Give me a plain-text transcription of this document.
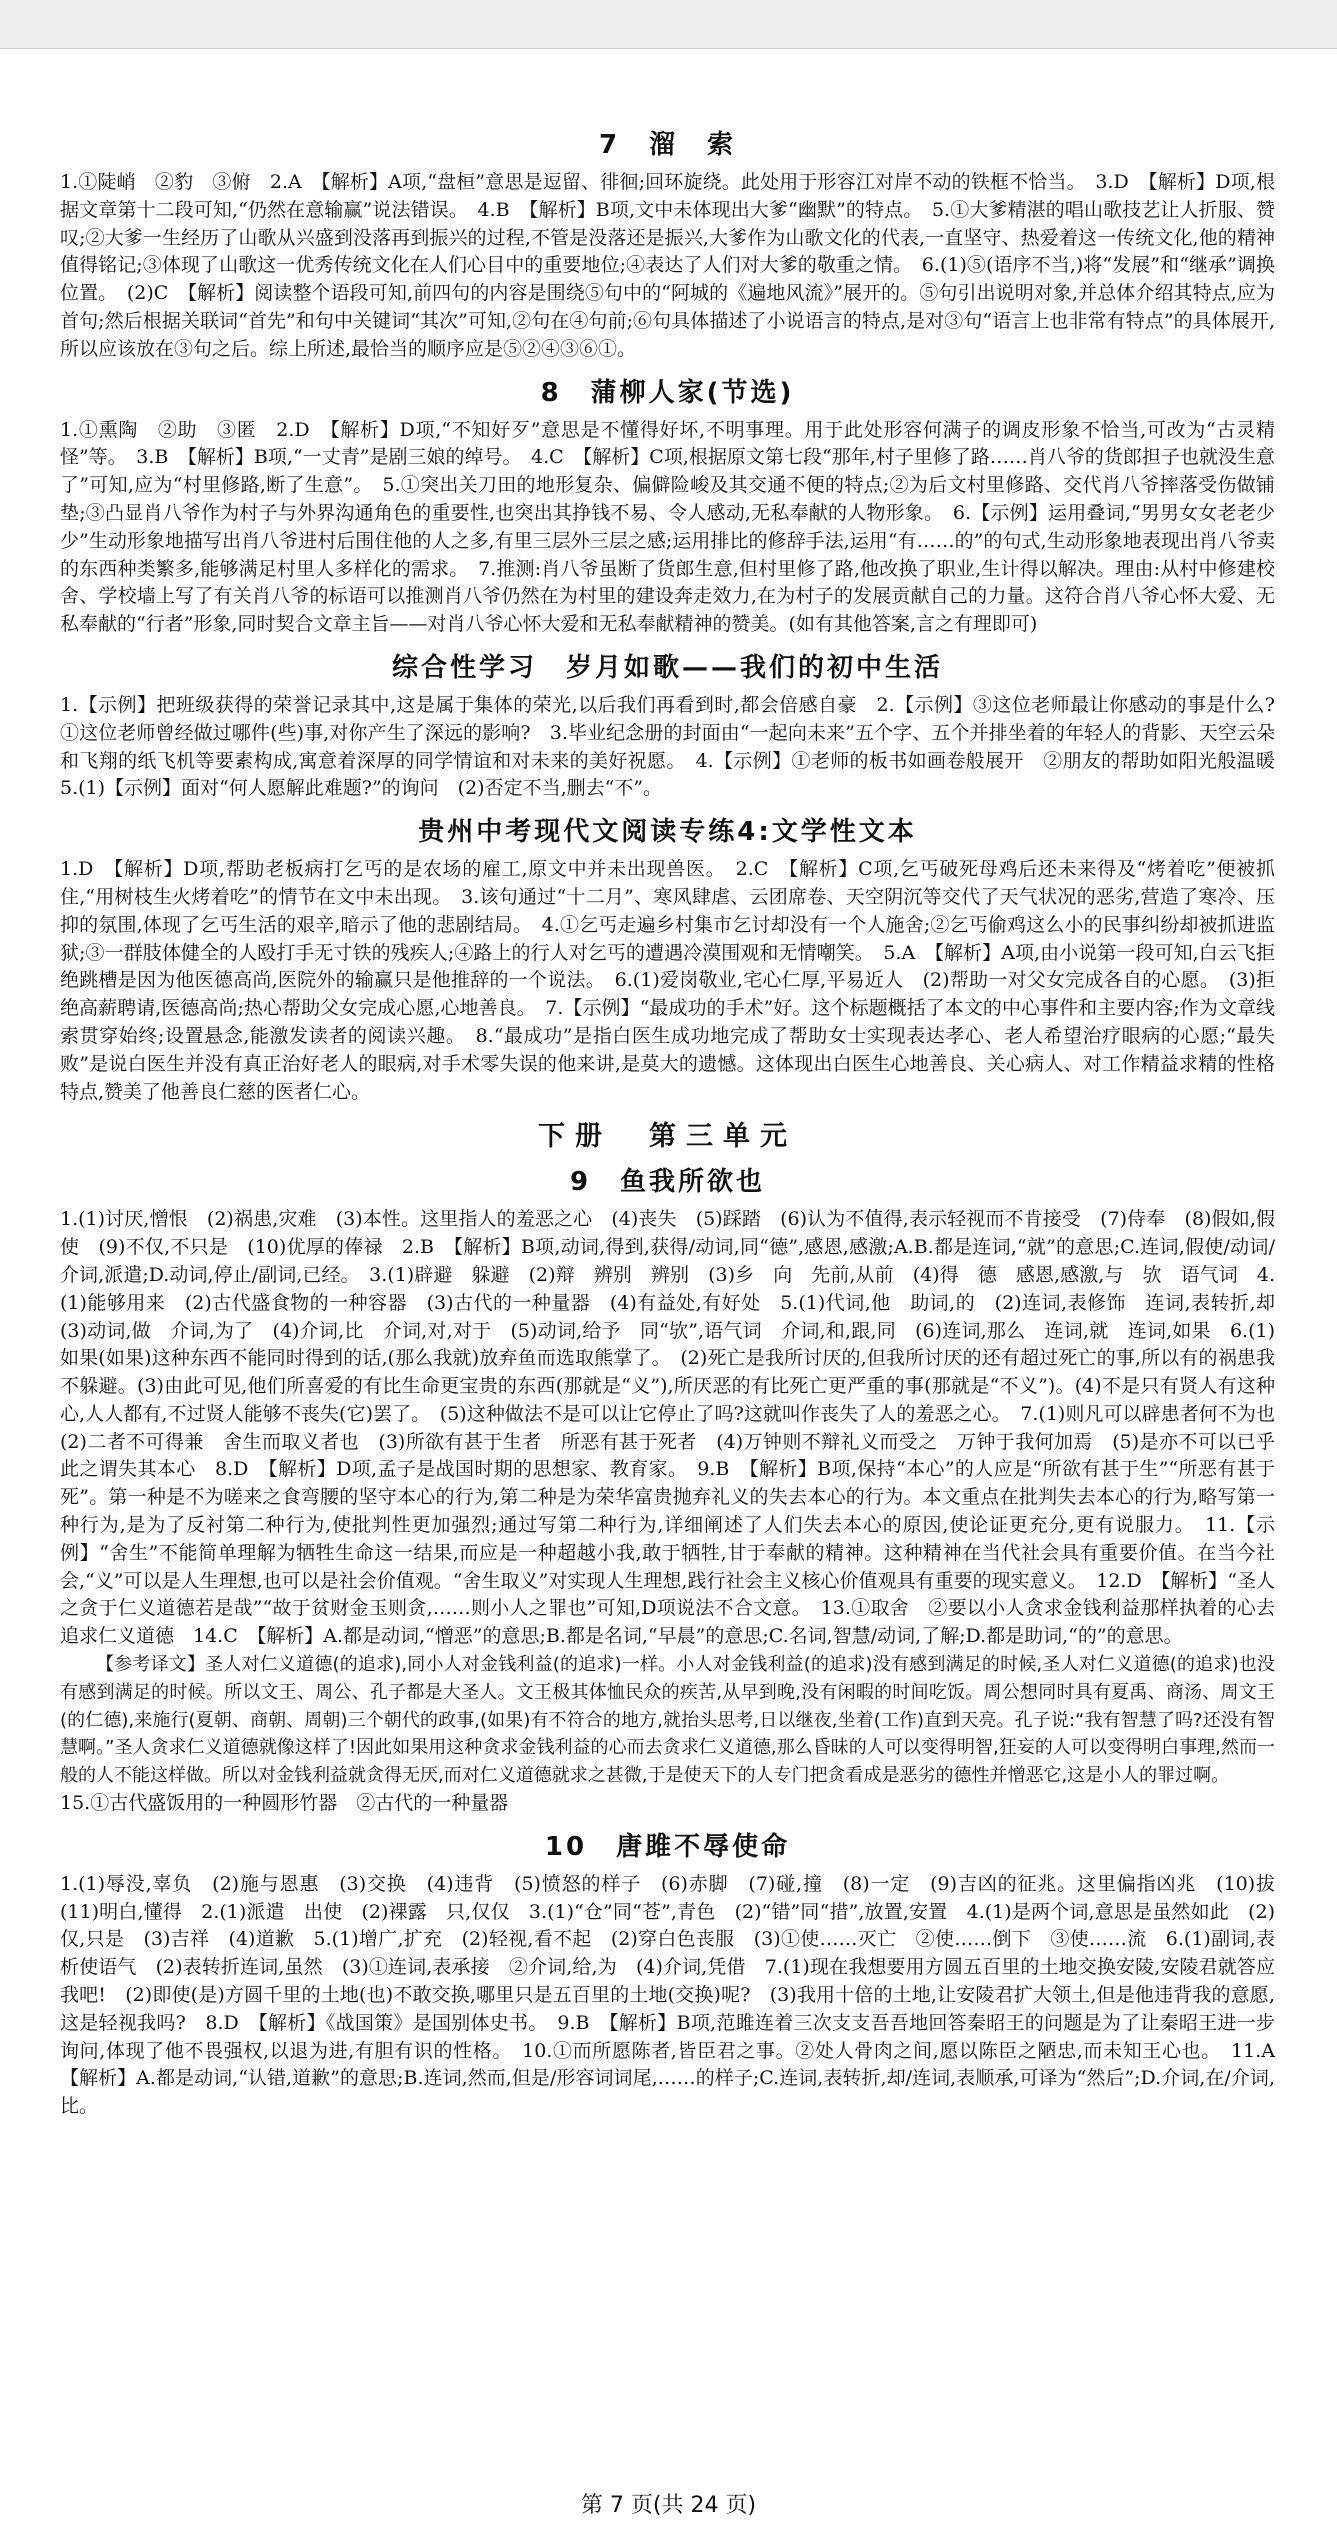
7　溜　索

1.①陡峭　②豹　③俯　2.A　【解析】A项,“盘桓”意思是逗留、徘徊;回环旋绕。此处用于形容江对岸不动的铁框不恰当。　3.D　【解析】D项,根据文章第十二段可知,“仍然在意输赢”说法错误。　4.B　【解析】B项,文中未体现出大爹“幽默”的特点。　5.①大爹精湛的唱山歌技艺让人折服、赞叹;②大爹一生经历了山歌从兴盛到没落再到振兴的过程,不管是没落还是振兴,大爹作为山歌文化的代表,一直坚守、热爱着这一传统文化,他的精神值得铭记;③体现了山歌这一优秀传统文化在人们心目中的重要地位;④表达了人们对大爹的敬重之情。　6.(1)⑤(语序不当,)将“发展”和“继承”调换位置。　(2)C　【解析】阅读整个语段可知,前四句的内容是围绕⑤句中的“阿城的《遍地风流》”展开的。⑤句引出说明对象,并总体介绍其特点,应为首句;然后根据关联词“首先”和句中关键词“其次”可知,②句在④句前;⑥句具体描述了小说语言的特点,是对③句“语言上也非常有特点”的具体展开,所以应该放在③句之后。综上所述,最恰当的顺序应是⑤②④③⑥①。

8　蒲柳人家(节选)

1.①熏陶　②助　③匿　2.D　【解析】D项,“不知好歹”意思是不懂得好坏,不明事理。用于此处形容何满子的调皮形象不恰当,可改为“古灵精怪”等。　3.B　【解析】B项,“一丈青”是剧三娘的绰号。　4.C　【解析】C项,根据原文第七段“那年,村子里修了路……肖八爷的货郎担子也就没生意了”可知,应为“村里修路,断了生意”。　5.①突出关刀田的地形复杂、偏僻险峻及其交通不便的特点;②为后文村里修路、交代肖八爷摔落受伤做铺垫;③凸显肖八爷作为村子与外界沟通角色的重要性,也突出其挣钱不易、令人感动,无私奉献的人物形象。　6.【示例】运用叠词,“男男女女老老少少”生动形象地描写出肖八爷进村后围住他的人之多,有里三层外三层之感;运用排比的修辞手法,运用“有……的”的句式,生动形象地表现出肖八爷卖的东西种类繁多,能够满足村里人多样化的需求。　7.推测:肖八爷虽断了货郎生意,但村里修了路,他改换了职业,生计得以解决。理由:从村中修建校舍、学校墙上写了有关肖八爷的标语可以推测肖八爷仍然在为村里的建设奔走效力,在为村子的发展贡献自己的力量。这符合肖八爷心怀大爱、无私奉献的“行者”形象,同时契合文章主旨——对肖八爷心怀大爱和无私奉献精神的赞美。(如有其他答案,言之有理即可)

综合性学习　岁月如歌——我们的初中生活

1.【示例】把班级获得的荣誉记录其中,这是属于集体的荣光,以后我们再看到时,都会倍感自豪　2.【示例】③这位老师最让你感动的事是什么?　①这位老师曾经做过哪件(些)事,对你产生了深远的影响?　3.毕业纪念册的封面由“一起向未来”五个字、五个并排坐着的年轻人的背影、天空云朵和飞翔的纸飞机等要素构成,寓意着深厚的同学情谊和对未来的美好祝愿。　4.【示例】①老师的板书如画卷般展开　②朋友的帮助如阳光般温暖　5.(1)【示例】面对“何人愿解此难题?”的询问　(2)否定不当,删去“不”。

贵州中考现代文阅读专练4:文学性文本

1.D　【解析】D项,帮助老板病打乞丐的是农场的雇工,原文中并未出现兽医。　2.C　【解析】C项,乞丐破死母鸡后还未来得及“烤着吃”便被抓住,“用树枝生火烤着吃”的情节在文中未出现。　3.该句通过“十二月”、寒风肆虐、云团席卷、天空阴沉等交代了天气状况的恶劣,营造了寒冷、压抑的氛围,体现了乞丐生活的艰辛,暗示了他的悲剧结局。　4.①乞丐走遍乡村集市乞讨却没有一个人施舍;②乞丐偷鸡这么小的民事纠纷却被抓进监狱;③一群肢体健全的人殴打手无寸铁的残疾人;④路上的行人对乞丐的遭遇冷漠围观和无情嘲笑。　5.A　【解析】A项,由小说第一段可知,白云飞拒绝跳槽是因为他医德高尚,医院外的输赢只是他推辞的一个说法。　6.(1)爱岗敬业,宅心仁厚,平易近人　(2)帮助一对父女完成各自的心愿。　(3)拒绝高薪聘请,医德高尚;热心帮助父女完成心愿,心地善良。　7.【示例】“最成功的手术”好。这个标题概括了本文的中心事件和主要内容;作为文章线索贯穿始终;设置悬念,能激发读者的阅读兴趣。　8.“最成功”是指白医生成功地完成了帮助女士实现表达孝心、老人希望治疗眼病的心愿;“最失败”是说白医生并没有真正治好老人的眼病,对手术零失误的他来讲,是莫大的遗憾。这体现出白医生心地善良、关心病人、对工作精益求精的性格特点,赞美了他善良仁慈的医者仁心。

下册　第三单元
9　鱼我所欲也

1.(1)讨厌,憎恨　(2)祸患,灾难　(3)本性。这里指人的羞恶之心　(4)丧失　(5)踩踏　(6)认为不值得,表示轻视而不肯接受　(7)侍奉　(8)假如,假使　(9)不仅,不只是　(10)优厚的俸禄　2.B　【解析】B项,动词,得到,获得/动词,同“德”,感恩,感激;A.B.都是连词,“就”的意思;C.连词,假使/动词/介词,派遣;D.动词,停止/副词,已经。　3.(1)辟避　躲避　(2)辩　辨别　辨别　(3)乡　向　先前,从前　(4)得　德　感恩,感激,与　欤　语气词　4.(1)能够用来　(2)古代盛食物的一种容器　(3)古代的一种量器　(4)有益处,有好处　5.(1)代词,他　助词,的　(2)连词,表修饰　连词,表转折,却　(3)动词,做　介词,为了　(4)介词,比　介词,对,对于　(5)动词,给予　同“欤”,语气词　介词,和,跟,同　(6)连词,那么　连词,就　连词,如果　6.(1)如果(如果)这种东西不能同时得到的话,(那么我就)放弃鱼而选取熊掌了。　(2)死亡是我所讨厌的,但我所讨厌的还有超过死亡的事,所以有的祸患我不躲避。(3)由此可见,他们所喜爱的有比生命更宝贵的东西(那就是“义”),所厌恶的有比死亡更严重的事(那就是“不义”)。(4)不是只有贤人有这种心,人人都有,不过贤人能够不丧失(它)罢了。　(5)这种做法不是可以让它停止了吗?这就叫作丧失了人的羞恶之心。　7.(1)则凡可以辟患者何不为也　(2)二者不可得兼　舍生而取义者也　(3)所欲有甚于生者　所恶有甚于死者　(4)万钟则不辩礼义而受之　万钟于我何加焉　(5)是亦不可以已乎　此之谓失其本心　8.D　【解析】D项,孟子是战国时期的思想家、教育家。　9.B　【解析】B项,保持“本心”的人应是“所欲有甚于生”“所恶有甚于死”。第一种是不为嗟来之食弯腰的坚守本心的行为,第二种是为荣华富贵抛弃礼义的失去本心的行为。本文重点在批判失去本心的行为,略写第一种行为,是为了反衬第二种行为,使批判性更加强烈;通过写第二种行为,详细阐述了人们失去本心的原因,使论证更充分,更有说服力。　11.【示例】“舍生”不能简单理解为牺牲生命这一结果,而应是一种超越小我,敢于牺牲,甘于奉献的精神。这种精神在当代社会具有重要价值。在当今社会,“义”可以是人生理想,也可以是社会价值观。“舍生取义”对实现人生理想,践行社会主义核心价值观具有重要的现实意义。　12.D　【解析】“圣人之贪于仁义道德若是哉”“故于贫财金玉则贪,……则小人之罪也”可知,D项说法不合文意。　13.①取舍　②要以小人贪求金钱利益那样执着的心去追求仁义道德　14.C　【解析】A.都是动词,“憎恶”的意思;B.都是名词,“早晨”的意思;C.名词,智慧/动词,了解;D.都是助词,“的”的意思。

【参考译文】圣人对仁义道德(的追求),同小人对金钱利益(的追求)一样。小人对金钱利益(的追求)没有感到满足的时候,圣人对仁义道德(的追求)也没有感到满足的时候。所以文王、周公、孔子都是大圣人。文王极其体恤民众的疾苦,从早到晚,没有闲暇的时间吃饭。周公想同时具有夏禹、商汤、周文王(的仁德),来施行(夏朝、商朝、周朝)三个朝代的政事,(如果)有不符合的地方,就抬头思考,日以继夜,坐着(工作)直到天亮。孔子说:“我有智慧了吗?还没有智慧啊。”圣人贪求仁义道德就像这样了!因此如果用这种贪求金钱利益的心而去贪求仁义道德,那么昏昧的人可以变得明智,狂妄的人可以变得明白事理,然而一般的人不能这样做。所以对金钱利益就贪得无厌,而对仁义道德就求之甚微,于是使天下的人专门把贪看成是恶劣的德性并憎恶它,这是小人的罪过啊。

15.①古代盛饭用的一种圆形竹器　②古代的一种量器

10　唐雎不辱使命

1.(1)辱没,辜负　(2)施与恩惠　(3)交换　(4)违背　(5)愤怒的样子　(6)赤脚　(7)碰,撞　(8)一定　(9)吉凶的征兆。这里偏指凶兆　(10)拔　(11)明白,懂得　2.(1)派遣　出使　(2)裸露　只,仅仅　3.(1)“仓”同“苍”,青色　(2)“错”同“措”,放置,安置　4.(1)是两个词,意思是虽然如此　(2)仅,只是　(3)吉祥　(4)道歉　5.(1)增广,扩充　(2)轻视,看不起　(2)穿白色丧服　(3)①使……灭亡　②使……倒下　③使……流　6.(1)副词,表析使语气　(2)表转折连词,虽然　(3)①连词,表承接　②介词,给,为　(4)介词,凭借　7.(1)现在我想要用方圆五百里的土地交换安陵,安陵君就答应我吧!　(2)即使(是)方圆千里的土地(也)不敢交换,哪里只是五百里的土地(交换)呢?　(3)我用十倍的土地,让安陵君扩大领土,但是他违背我的意愿,这是轻视我吗?　8.D　【解析】《战国策》是国别体史书。　9.B　【解析】B项,范雎连着三次支支吾吾地回答秦昭王的问题是为了让秦昭王进一步询问,体现了他不畏强权,以退为进,有胆有识的性格。　10.①而所愿陈者,皆臣君之事。②处人骨肉之间,愿以陈臣之陋忠,而未知王心也。　11.A　【解析】A.都是动词,“认错,道歉”的意思;B.连词,然而,但是/形容词词尾,……的样子;C.连词,表转折,却/连词,表顺承,可译为“然后”;D.介词,在/介词,比。

第 7 页(共 24 页)
